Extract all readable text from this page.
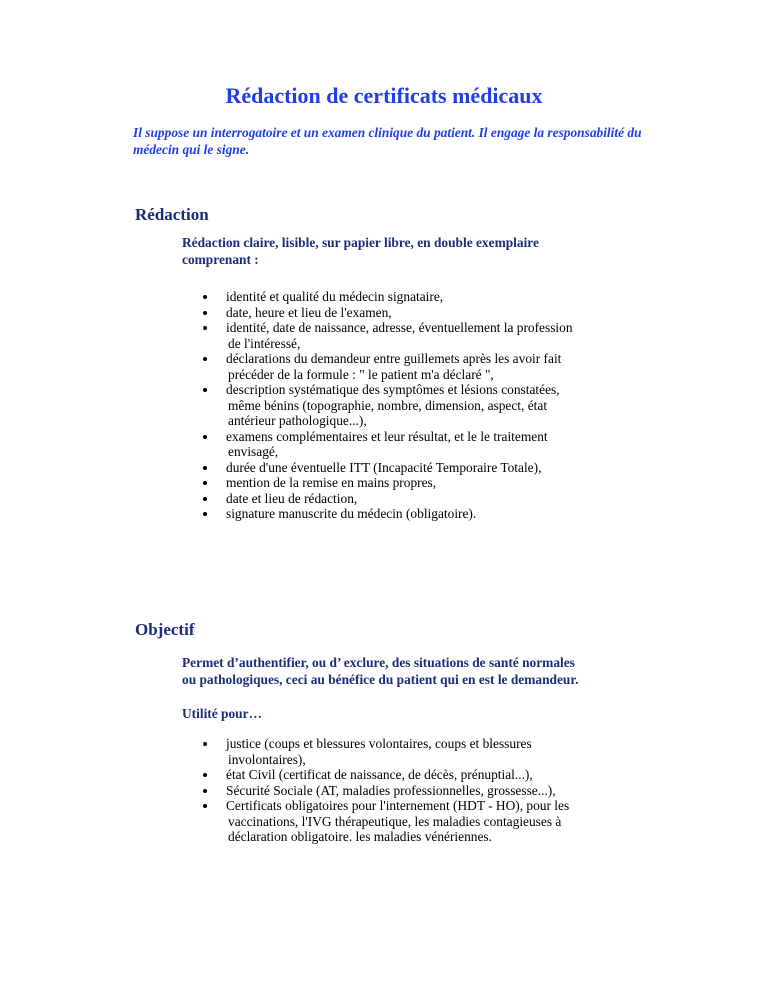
Rédaction de certificats médicaux

Il suppose un interrogatoire et un examen clinique du patient. Il engage la responsabilité du médecin qui le signe.

Rédaction

Rédaction claire, lisible, sur papier libre, en double exemplaire comprenant :

identité et qualité du médecin signataire,
date, heure et lieu de l'examen,
identité, date de naissance, adresse, éventuellement la profession de l'intéressé,
déclarations du demandeur entre guillemets après les avoir fait précéder de la formule : " le patient m'a déclaré ",
description systématique des symptômes et lésions constatées, même bénins (topographie, nombre, dimension, aspect, état antérieur pathologique...),
examens complémentaires et leur résultat, et le le traitement envisagé,
durée d'une éventuelle ITT (Incapacité Temporaire Totale),
mention de la remise en mains propres,
date et lieu de rédaction,
signature manuscrite du médecin (obligatoire).
Objectif

Permet d’authentifier, ou d’ exclure, des situations de santé normales ou pathologiques, ceci au bénéfice du patient qui en est le demandeur.

Utilité pour…

justice (coups et blessures volontaires, coups et blessures involontaires),
état Civil (certificat de naissance, de décès, prénuptial...),
Sécurité Sociale (AT, maladies professionnelles, grossesse...),
Certificats obligatoires pour l'internement (HDT - HO), pour les vaccinations, l'IVG thérapeutique, les maladies contagieuses à déclaration obligatoire. les maladies vénériennes.
